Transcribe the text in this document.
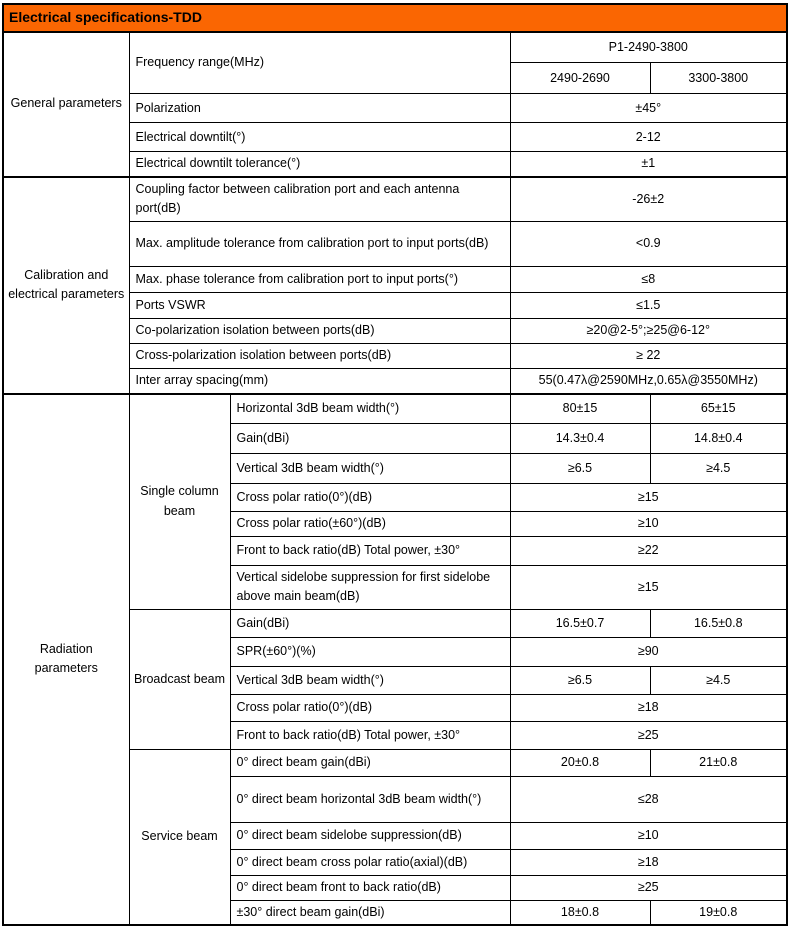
Electrical specifications-TDD				
General parameters	Frequency range(MHz)		P1-2490-3800	
			2490-2690	3300-3800
	Polarization		±45°	
	Electrical downtilt(°)		2-12	
	Electrical downtilt tolerance(°)		±1	
Calibration and electrical parameters	Coupling factor between calibration port and each antenna port(dB)		-26±2	
	Max. amplitude tolerance from calibration port to input ports(dB)		<0.9	
	Max. phase tolerance from calibration port to input ports(°)		≤8	
	Ports VSWR		≤1.5	
	Co-polarization isolation between ports(dB)		≥20@2-5°;≥25@6-12°	
	Cross-polarization isolation between ports(dB)		≥ 22	
	Inter array spacing(mm)		55(0.47λ@2590MHz,0.65λ@3550MHz)	
Radiation parameters	Single column beam	Horizontal 3dB beam width(°)	80±15	65±15
		Gain(dBi)	14.3±0.4	14.8±0.4
		Vertical 3dB beam width(°)	≥6.5	≥4.5
		Cross polar ratio(0°)(dB)	≥15	
		Cross polar ratio(±60°)(dB)	≥10	
		Front to back ratio(dB) Total power, ±30°	≥22	
		Vertical sidelobe suppression for first sidelobe above main beam(dB)	≥15	
	Broadcast beam	Gain(dBi)	16.5±0.7	16.5±0.8
		SPR(±60°)(%)	≥90	
		Vertical 3dB beam width(°)	≥6.5	≥4.5
		Cross polar ratio(0°)(dB)	≥18	
		Front to back ratio(dB) Total power, ±30°	≥25	
	Service beam	0° direct beam gain(dBi)	20±0.8	21±0.8
		0° direct beam horizontal 3dB beam width(°)	≤28	
		0° direct beam sidelobe suppression(dB)	≥10	
		0° direct beam cross polar ratio(axial)(dB)	≥18	
		0° direct beam front to back ratio(dB)	≥25	
		±30° direct beam gain(dBi)	18±0.8	19±0.8
